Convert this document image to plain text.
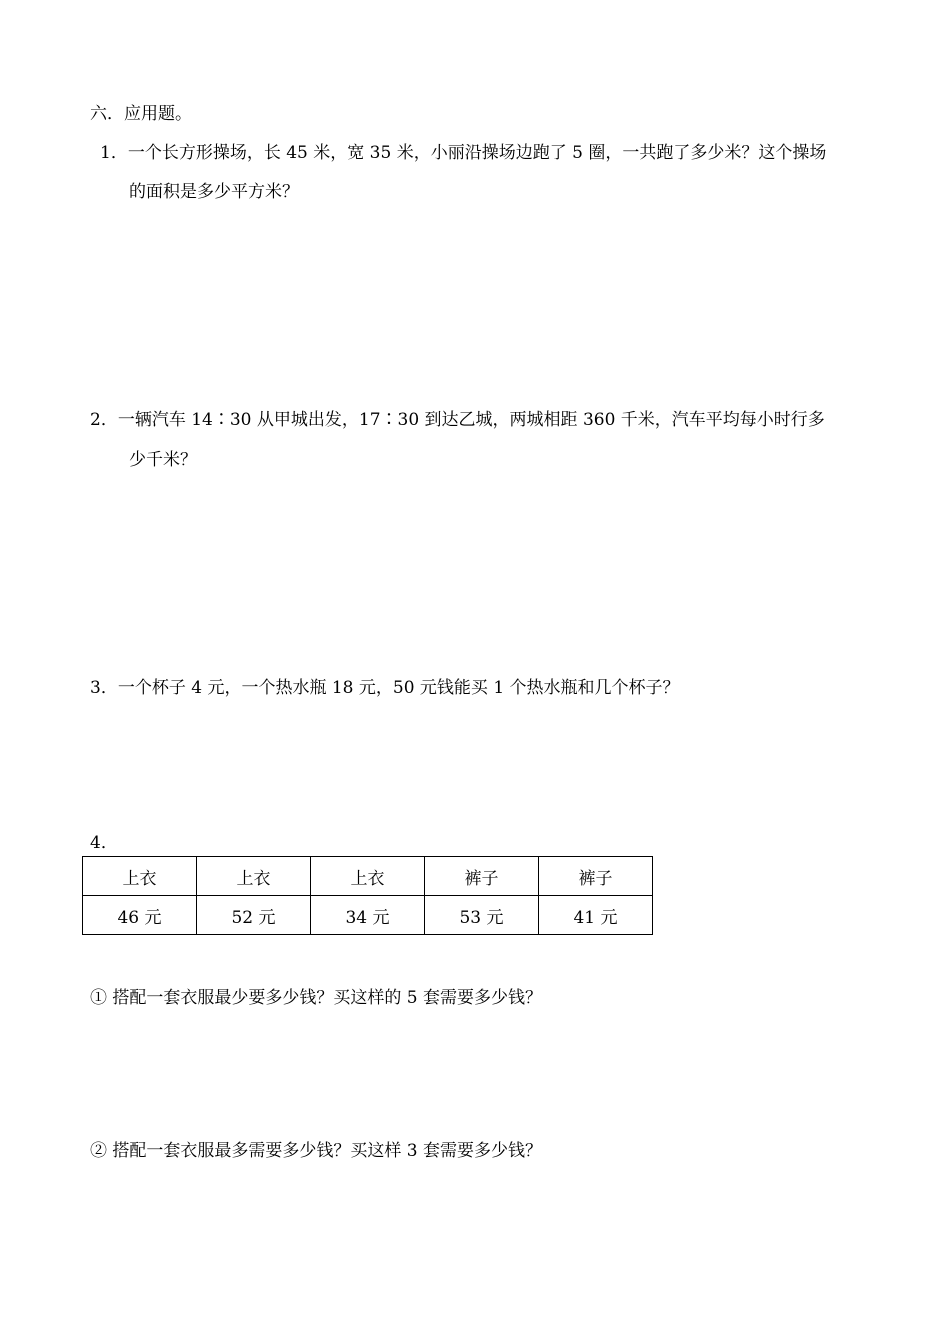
六．应用题。
1．一个长方形操场，长 45 米，宽 35 米，小丽沿操场边跑了 5 圈，一共跑了多少米？这个操场
的面积是多少平方米？
2．一辆汽车 14∶30 从甲城出发，17∶30 到达乙城，两城相距 360 千米，汽车平均每小时行多
少千米？
3．一个杯子 4 元，一个热水瓶 18 元，50 元钱能买 1 个热水瓶和几个杯子？
4．
上衣	上衣	上衣	裤子	裤子
46 元	52 元	34 元	53 元	41 元
① 搭配一套衣服最少要多少钱？买这样的 5 套需要多少钱？
② 搭配一套衣服最多需要多少钱？买这样 3 套需要多少钱？
